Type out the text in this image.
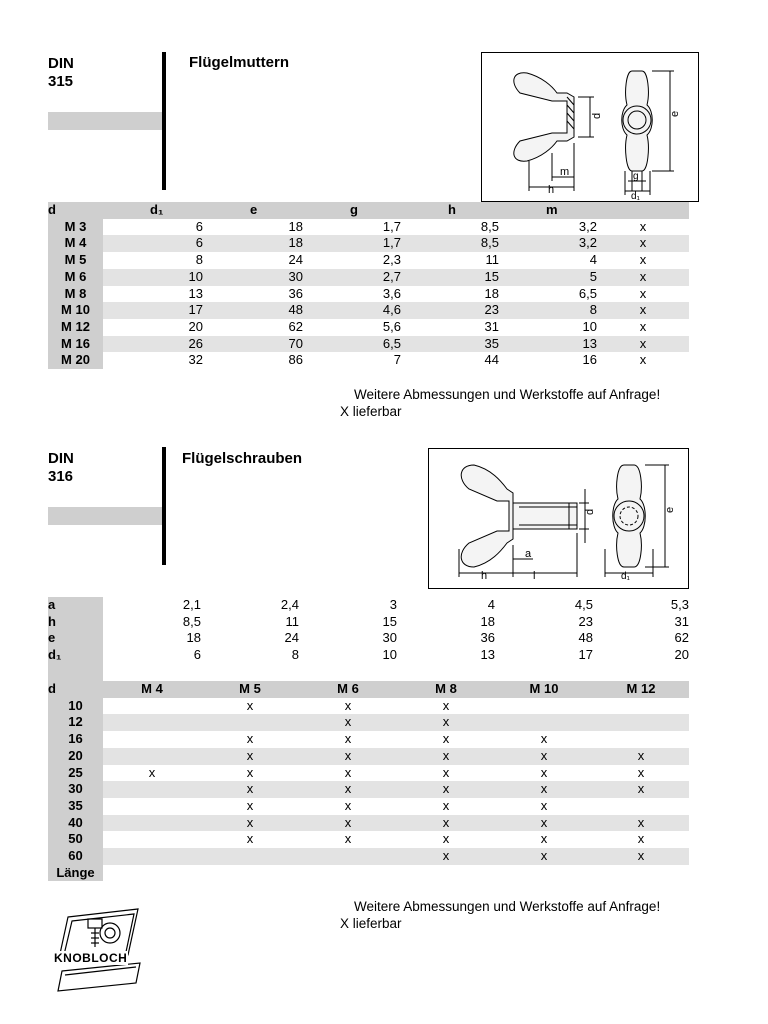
DIN
315
Flügelmuttern
d	e
m
h
g
d₁
d	d₁	e	g	h	m	
M 3	6	18	1,7	8,5	3,2	x
M 4	6	18	1,7	8,5	3,2	x
M 5	8	24	2,3	11	4	x
M 6	10	30	2,7	15	5	x
M 8	13	36	3,6	18	6,5	x
M 10	17	48	4,6	23	8	x
M 12	20	62	5,6	31	10	x
M 16	26	70	6,5	35	13	x
M 20	32	86	7	44	16	x
Weitere Abmessungen und Werkstoffe auf Anfrage!
X lieferbar
DIN
316
Flügelschrauben
d	e
a
h	l	d₁
a	2,1	2,4	3	4	4,5	5,3
h	8,5	11	15	18	23	31
e	18	24	30	36	48	62
d₁	6	8	10	13	17	20

d	M 4	M 5	M 6	M 8	M 10	M 12
10		x	x	x		
12			x	x		
16		x	x	x	x	
20		x	x	x	x	x
25	x	x	x	x	x	x
30		x	x	x	x	x
35		x	x	x	x	
40		x	x	x	x	x
50		x	x	x	x	x
60				x	x	x
Länge						
Weitere Abmessungen und Werkstoffe auf Anfrage!
X lieferbar
KNOBLOCH
